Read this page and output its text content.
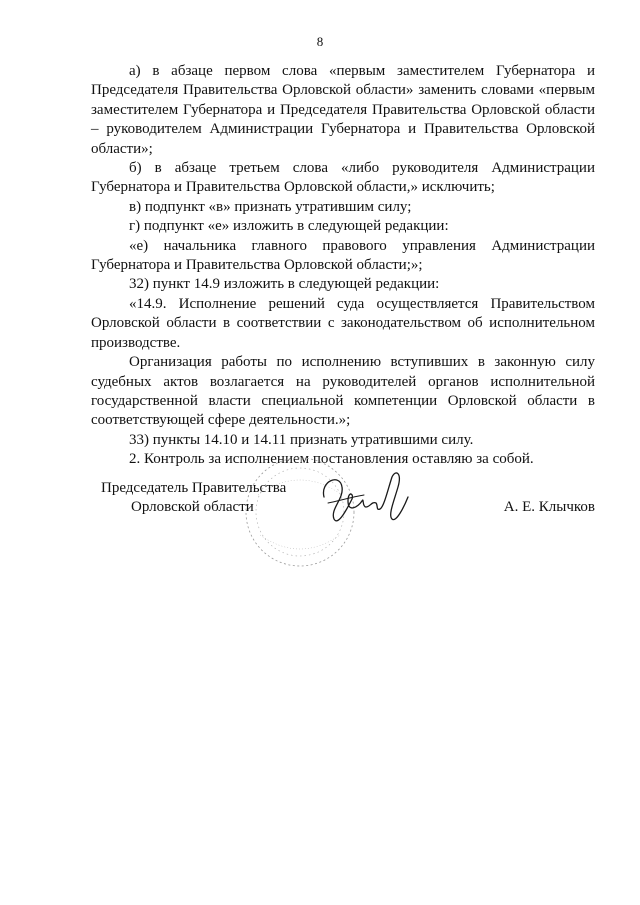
8

а) в абзаце первом слова «первым заместителем Губернатора и Председателя Правительства Орловской области» заменить словами «первым заместителем Губернатора и Председателя Правительства Орловской области – руководителем Администрации Губернатора и Правительства Орловской области»;

б) в абзаце третьем слова «либо руководителя Администрации Губернатора и Правительства Орловской области,» исключить;

в) подпункт «в» признать утратившим силу;

г) подпункт «е» изложить в следующей редакции:

«е) начальника главного правового управления Администрации Губернатора и Правительства Орловской области;»;

32) пункт 14.9 изложить в следующей редакции:

«14.9. Исполнение решений суда осуществляется Правительством Орловской области в соответствии с законодательством об исполнительном производстве.

Организация работы по исполнению вступивших в законную силу судебных актов возлагается на руководителей органов исполнительной государственной власти специальной компетенции Орловской области в соответствующей сфере деятельности.»;

33) пункты 14.10 и 14.11 признать утратившими силу.

2. Контроль за исполнением постановления оставляю за собой.

Председатель Правительства
Орловской области	А. Е. Клычков
